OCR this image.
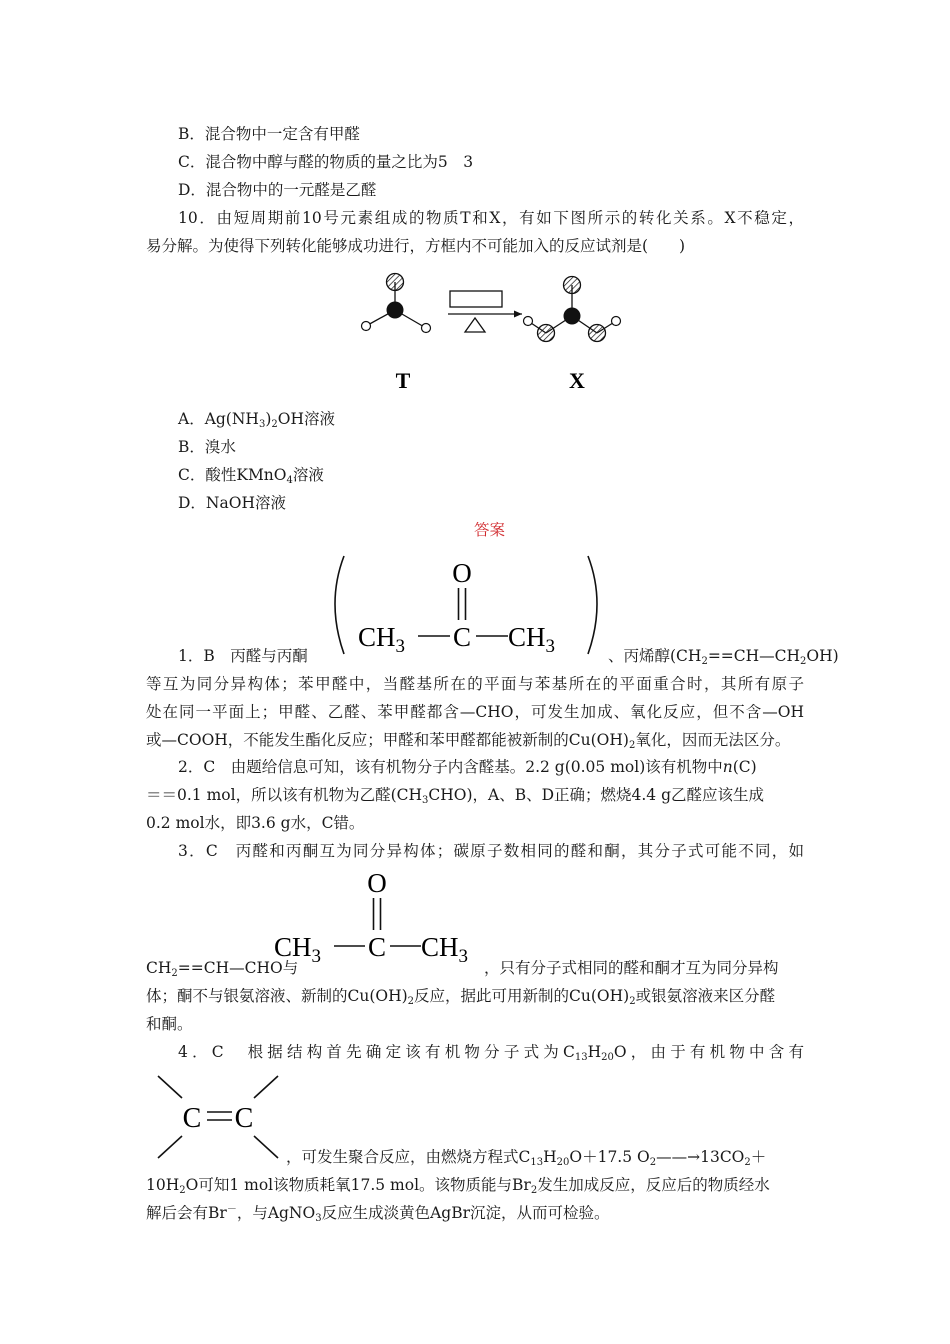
B．混合物中一定含有甲醛
C．混合物中醇与醛的物质的量之比为5　3
D．混合物中的一元醛是乙醛
10．由短周期前10号元素组成的物质T和X，有如下图所示的转化关系。X不稳定，
易分解。为使得下列转化能够成功进行，方框内不可能加入的反应试剂是(　　)
T	X
A．$Ag(NH_3)_2OH$溶液
B．溴水
C．酸性KMnO$_4$溶液
D．NaOH溶液
答案
O
$CH_3$ C $CH_3$
1．B　丙醛与丙酮	、丙烯醇$(CH_2==CH—CH_2OH)$
等互为同分异构体；苯甲醛中，当醛基所在的平面与苯基所在的平面重合时，其所有原子
处在同一平面上；甲醛、乙醛、苯甲醛都含—CHO，可发生加成、氧化反应，但不含—OH
或—COOH，不能发生酯化反应；甲醛和苯甲醛都能被新制的$Cu(OH)_2$氧化，因而无法区分。
2．C　由题给信息可知，该有机物分子内含醛基。2.2 g(0.05 mol)该有机物中n(C)
＝＝0.1 mol，所以该有机物为乙醛$(CH_3CHO)$，A、B、D正确；燃烧4.4 g乙醛应该生成
0.2 mol水，即3.6 g水，C错。
3．C　丙醛和丙酮互为同分异构体；碳原子数相同的醛和酮，其分子式可能不同，如
O
$CH_3$ C $CH_3$
$CH_2==CH—CHO$与	，只有分子式相同的醛和酮才互为同分异构
体；酮不与银氨溶液、新制的$Cu(OH)_2$反应，据此可用新制的$Cu(OH)_2$或银氨溶液来区分醛
和酮。
4．C　根据结构首先确定该有机物分子式为$C_{13}H_{20}O$，由于有机物中含有
C C
，可发生聚合反应，由燃烧方程式$C_{13}H_{20}O+17.5$ $O_2——\to 13CO_2+$
$10H_2O$可知1 mol该物质耗氧17.5 mol。该物质能与$Br_2$发生加成反应，反应后的物质经水
解后会有Br－，与AgNO$_3$反应生成淡黄色AgBr沉淀，从而可检验。
